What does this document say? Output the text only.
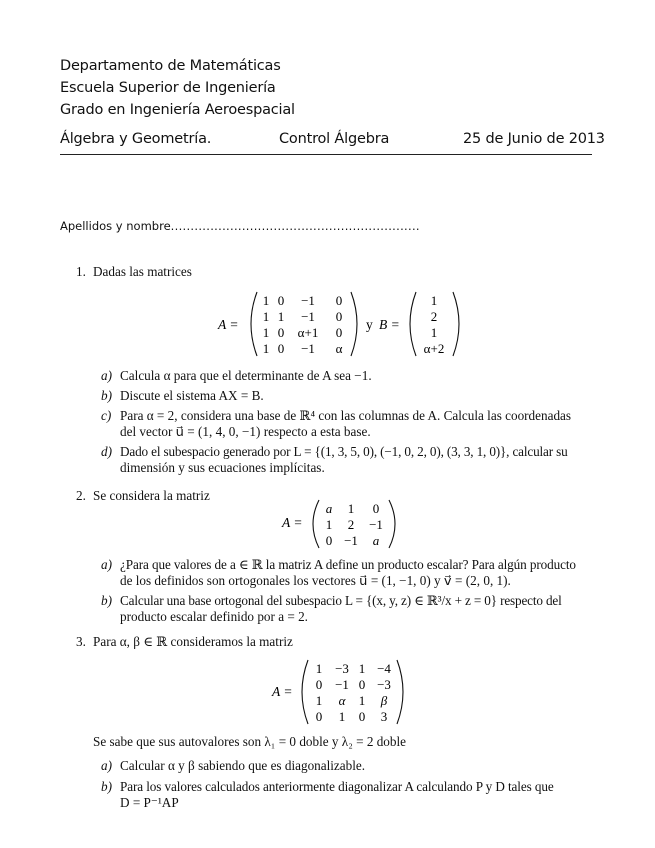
Departamento de Matemáticas
Escuela Superior de Ingeniería
Grado en Ingeniería Aeroespacial
Álgebra y Geometría.	Control Álgebra	25 de Junio de 2013
Apellidos y nombre...............................................................
1. Dadas las matrices
A =
1 0 −1 0
1 1 −1 0
1 0 α+1 0
1 0 −1 α
y B =
1
2
1
α+2
a) Calcula α para que el determinante de A sea −1.
b) Discute el sistema AX = B.
c) Para α = 2, considera una base de ℝ⁴ con las columnas de A. Calcula las coordenadas
del vector u⃗ = (1, 4, 0, −1) respecto a esta base.
d) Dado el subespacio generado por L = {(1, 3, 5, 0), (−1, 0, 2, 0), (3, 3, 1, 0)}, calcular su
dimensión y sus ecuaciones implícitas.
2. Se considera la matriz
A =
a 1 0
1 2 −1
0 −1 a
a) ¿Para que valores de a ∈ ℝ la matriz A define un producto escalar? Para algún producto
de los definidos son ortogonales los vectores u⃗ = (1, −1, 0) y v⃗ = (2, 0, 1).
b) Calcular una base ortogonal del subespacio L = {(x, y, z) ∈ ℝ³/x + z = 0} respecto del
producto escalar definido por a = 2.
3. Para α, β ∈ ℝ consideramos la matriz
A =
1 −3 1 −4
0 −1 0 −3
1 α 1 β
0 1 0 3
Se sabe que sus autovalores son λ₁ = 0 doble y λ₂ = 2 doble
a) Calcular α y β sabiendo que es diagonalizable.
b) Para los valores calculados anteriormente diagonalizar A calculando P y D tales que
D = P⁻¹AP
